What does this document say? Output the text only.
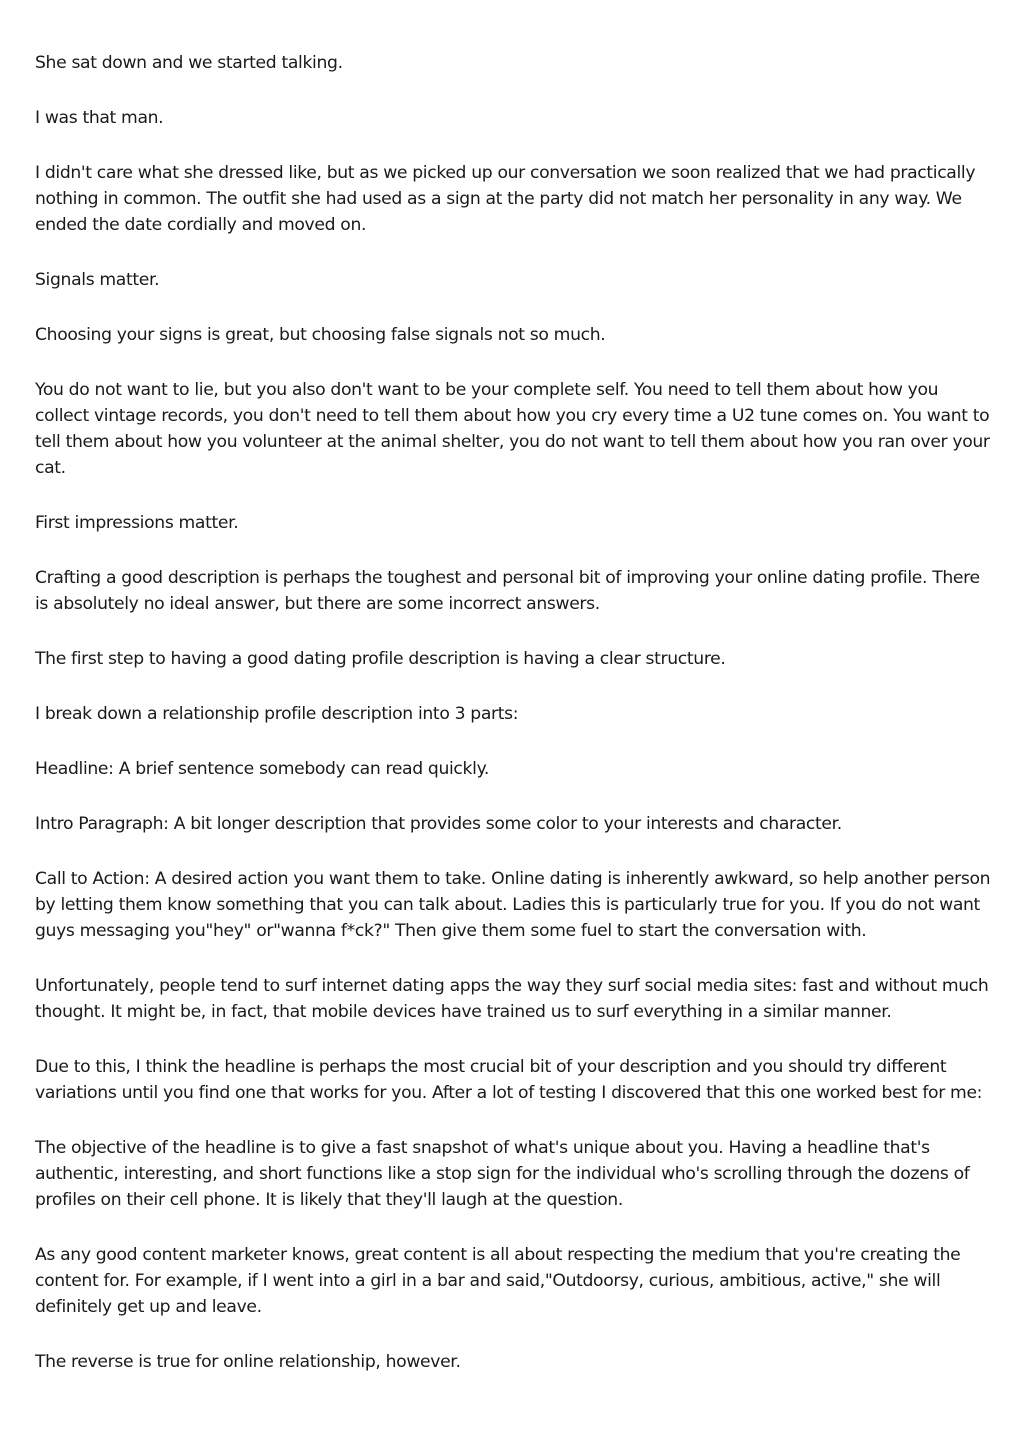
She sat down and we started talking.

I was that man.

I didn't care what she dressed like, but as we picked up our conversation we soon realized that we had practically nothing in common. The outfit she had used as a sign at the party did not match her personality in any way. We ended the date cordially and moved on.

Signals matter.

Choosing your signs is great, but choosing false signals not so much.

You do not want to lie, but you also don't want to be your complete self. You need to tell them about how you collect vintage records, you don't need to tell them about how you cry every time a U2 tune comes on. You want to tell them about how you volunteer at the animal shelter, you do not want to tell them about how you ran over your cat.

First impressions matter.

Crafting a good description is perhaps the toughest and personal bit of improving your online dating profile. There is absolutely no ideal answer, but there are some incorrect answers.

The first step to having a good dating profile description is having a clear structure.

I break down a relationship profile description into 3 parts:

Headline: A brief sentence somebody can read quickly.

Intro Paragraph: A bit longer description that provides some color to your interests and character.

Call to Action: A desired action you want them to take. Online dating is inherently awkward, so help another person by letting them know something that you can talk about. Ladies this is particularly true for you. If you do not want guys messaging you"hey" or"wanna f*ck?" Then give them some fuel to start the conversation with.

Unfortunately, people tend to surf internet dating apps the way they surf social media sites: fast and without much thought. It might be, in fact, that mobile devices have trained us to surf everything in a similar manner.

Due to this, I think the headline is perhaps the most crucial bit of your description and you should try different variations until you find one that works for you. After a lot of testing I discovered that this one worked best for me:

The objective of the headline is to give a fast snapshot of what's unique about you. Having a headline that's authentic, interesting, and short functions like a stop sign for the individual who's scrolling through the dozens of profiles on their cell phone. It is likely that they'll laugh at the question.

As any good content marketer knows, great content is all about respecting the medium that you're creating the content for. For example, if I went into a girl in a bar and said,"Outdoorsy, curious, ambitious, active," she will definitely get up and leave.

The reverse is true for online relationship, however.
